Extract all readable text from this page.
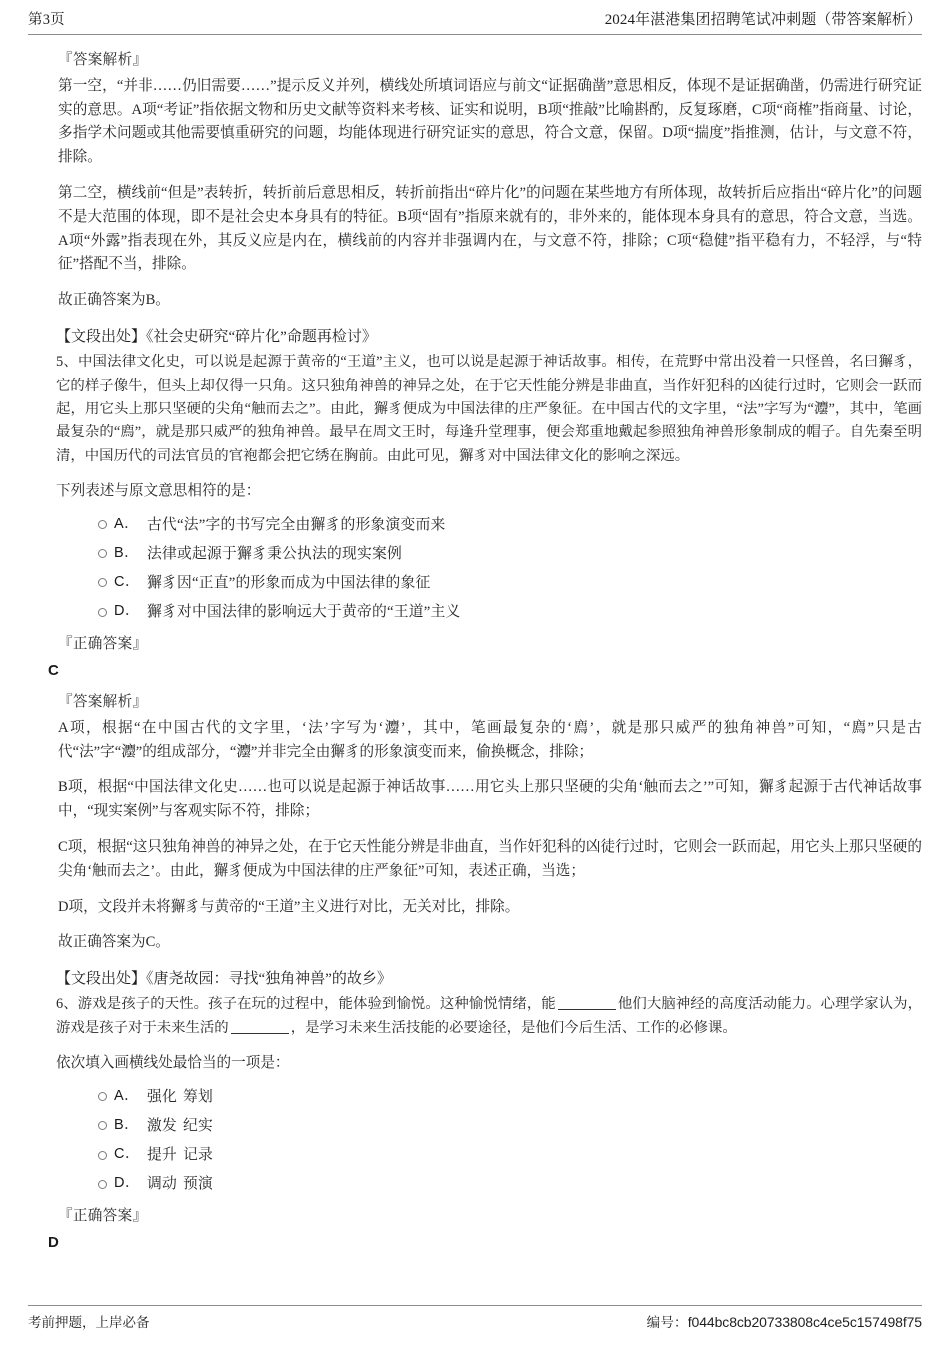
第3页	2024年湛港集团招聘笔试冲刺题（带答案解析）
『答案解析』

第一空，“并非……仍旧需要……”提示反义并列，横线处所填词语应与前文“证据确凿”意思相反，体现不是证据确凿，仍需进行研究证实的意思。A项“考证”指依据文物和历史文献等资料来考核、证实和说明，B项“推敲”比喻斟酌，反复琢磨，C项“商榷”指商量、讨论，多指学术问题或其他需要慎重研究的问题，均能体现进行研究证实的意思，符合文意，保留。D项“揣度”指推测，估计，与文意不符，排除。

第二空，横线前“但是”表转折，转折前后意思相反，转折前指出“碎片化”的问题在某些地方有所体现，故转折后应指出“碎片化”的问题不是大范围的体现，即不是社会史本身具有的特征。B项“固有”指原来就有的，非外来的，能体现本身具有的意思，符合文意，当选。A项“外露”指表现在外，其反义应是内在，横线前的内容并非强调内在，与文意不符，排除；C项“稳健”指平稳有力，不轻浮，与“特征”搭配不当，排除。

故正确答案为B。

【文段出处】《社会史研究“碎片化”命题再检讨》

5、中国法律文化史，可以说是起源于黄帝的“王道”主义，也可以说是起源于神话故事。相传，在荒野中常出没着一只怪兽，名曰獬豸，它的样子像牛，但头上却仅得一只角。这只独角神兽的神异之处，在于它天性能分辨是非曲直，当作奸犯科的凶徒行过时，它则会一跃而起，用它头上那只坚硬的尖角“触而去之”。由此，獬豸便成为中国法律的庄严象征。在中国古代的文字里，“法”字写为“灋”，其中，笔画最复杂的“廌”，就是那只威严的独角神兽。最早在周文王时，每逢升堂理事，便会郑重地戴起参照独角神兽形象制成的帽子。自先秦至明清，中国历代的司法官员的官袍都会把它绣在胸前。由此可见，獬豸对中国法律文化的影响之深远。

下列表述与原文意思相符的是：

A． 古代“法”字的书写完全由獬豸的形象演变而来
B． 法律或起源于獬豸秉公执法的现实案例
C． 獬豸因“正直”的形象而成为中国法律的象征
D． 獬豸对中国法律的影响远大于黄帝的“王道”主义
『正确答案』
C
『答案解析』

A项，根据“在中国古代的文字里，‘法’字写为‘灋’，其中，笔画最复杂的‘廌’，就是那只威严的独角神兽”可知，“廌”只是古代“法”字“灋”的组成部分，“灋”并非完全由獬豸的形象演变而来，偷换概念，排除；

B项，根据“中国法律文化史……也可以说是起源于神话故事……用它头上那只坚硬的尖角‘触而去之’”可知，獬豸起源于古代神话故事中，“现实案例”与客观实际不符，排除；

C项，根据“这只独角神兽的神异之处，在于它天性能分辨是非曲直，当作奸犯科的凶徒行过时，它则会一跃而起，用它头上那只坚硬的尖角‘触而去之’。由此，獬豸便成为中国法律的庄严象征”可知，表述正确，当选；

D项，文段并未将獬豸与黄帝的“王道”主义进行对比，无关对比，排除。

故正确答案为C。

【文段出处】《唐尧故园：寻找“独角神兽”的故乡》

6、游戏是孩子的天性。孩子在玩的过程中，能体验到愉悦。这种愉悦情绪，能	他们大脑神经的高度活动能力。心理学家认为，游戏是孩子对于未来生活的	，是学习未来生活技能的必要途径，是他们今后生活、工作的必修课。

依次填入画横线处最恰当的一项是：

A． 强化 筹划
B． 激发 纪实
C． 提升 记录
D． 调动 预演
『正确答案』
D
考前押题，上岸必备	编号：f044bc8cb20733808c4ce5c157498f75
